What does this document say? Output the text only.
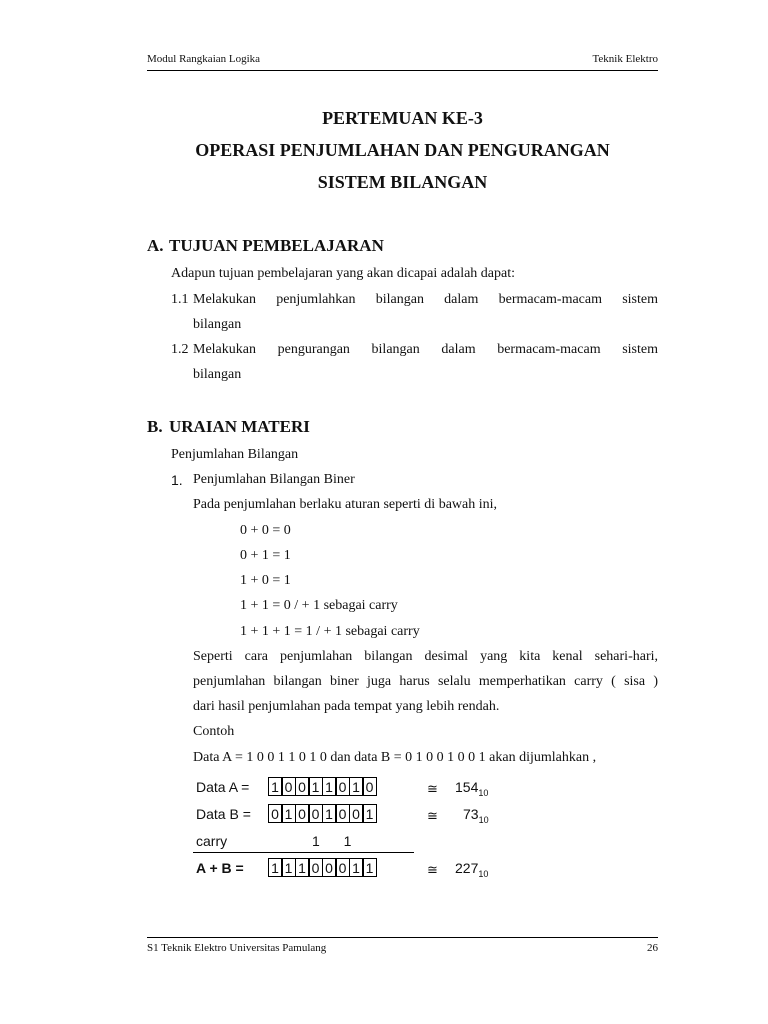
Modul Rangkaian Logika	Teknik Elektro
PERTEMUAN KE-3
OPERASI PENJUMLAHAN DAN PENGURANGAN
SISTEM BILANGAN
A. TUJUAN PEMBELAJARAN
Adapun tujuan pembelajaran yang akan dicapai adalah dapat:
1.1 Melakukan penjumlahkan bilangan dalam bermacam-macam sistem
bilangan
1.2 Melakukan pengurangan bilangan dalam bermacam-macam sistem
bilangan
B. URAIAN MATERI
Penjumlahan Bilangan
1. Penjumlahan Bilangan Biner
Pada penjumlahan berlaku aturan seperti di bawah ini,
0 + 0 = 0
0 + 1 = 1
1 + 0 = 1
1 + 1 = 0 / + 1 sebagai carry
1 + 1 + 1 = 1 / + 1 sebagai carry
Seperti cara penjumlahan bilangan desimal yang kita kenal sehari-hari,
penjumlahan bilangan biner juga harus selalu memperhatikan carry ( sisa )
dari hasil penjumlahan pada tempat yang lebih rendah.
Contoh
Data A = 1 0 0 1 1 0 1 0 dan data B = 0 1 0 0 1 0 0 1 akan dijumlahkan ,
Data A = 1 0 0 1 1 0 1 0	≅ $154_{10}$
Data B = 0 1 0 0 1 0 0 1	≅ $73_{10}$
carry	1 1
A + B = 1 1 1 0 0 0 1 1	≅ $227_{10}$
S1 Teknik Elektro Universitas Pamulang	26
